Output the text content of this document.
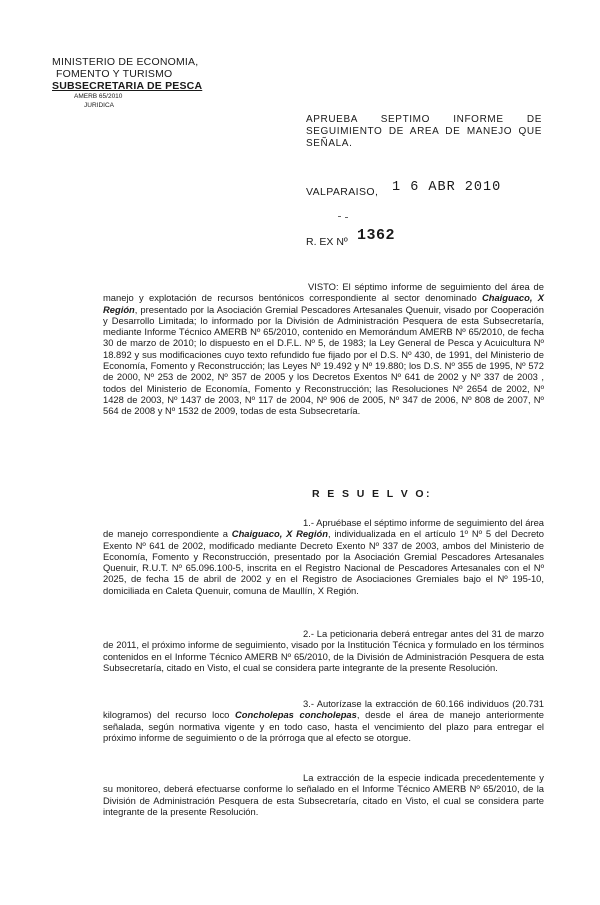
MINISTERIO DE ECONOMIA,
FOMENTO Y TURISMO
SUBSECRETARIA DE PESCA
AMERB 65/2010
JURIDICA
APRUEBA SEPTIMO INFORME DE SEGUIMIENTO DE AREA DE MANEJO QUE SEÑALA.
VALPARAISO, 1 6 ABR 2010
R. EX Nº 1362
VISTO: El séptimo informe de seguimiento del área de manejo y explotación de recursos bentónicos correspondiente al sector denominado Chaiguaco, X Región, presentado por la Asociación Gremial Pescadores Artesanales Quenuir, visado por Cooperación y Desarrollo Limitada; lo informado por la División de Administración Pesquera de esta Subsecretaría, mediante Informe Técnico AMERB Nº 65/2010, contenido en Memorándum AMERB Nº 65/2010, de fecha 30 de marzo de 2010; lo dispuesto en el D.F.L. Nº 5, de 1983; la Ley General de Pesca y Acuicultura Nº 18.892 y sus modificaciones cuyo texto refundido fue fijado por el D.S. Nº 430, de 1991, del Ministerio de Economía, Fomento y Reconstrucción; las Leyes Nº 19.492 y Nº 19.880; los D.S. Nº 355 de 1995, Nº 572 de 2000, Nº 253 de 2002, Nº 357 de 2005 y los Decretos Exentos Nº 641 de 2002 y Nº 337 de 2003 , todos del Ministerio de Economía, Fomento y Reconstrucción; las Resoluciones Nº 2654 de 2002, Nº 1428 de 2003, Nº 1437 de 2003, Nº 117 de 2004, Nº 906 de 2005, Nº 347 de 2006, Nº 808 de 2007, Nº 564 de 2008 y Nº 1532 de 2009, todas de esta Subsecretaría.
R E S U E L V O:
1.- Apruébase el séptimo informe de seguimiento del área de manejo correspondiente a Chaiguaco, X Región, individualizada en el artículo 1º Nº 5 del Decreto Exento Nº 641 de 2002, modificado mediante Decreto Exento Nº 337 de 2003, ambos del Ministerio de Economía, Fomento y Reconstrucción, presentado por la Asociación Gremial Pescadores Artesanales Quenuir, R.U.T. Nº 65.096.100-5, inscrita en el Registro Nacional de Pescadores Artesanales con el Nº 2025, de fecha 15 de abril de 2002 y en el Registro de Asociaciones Gremiales bajo el Nº 195-10, domiciliada en Caleta Quenuir, comuna de Maullín, X Región.
2.- La peticionaria deberá entregar antes del 31 de marzo de 2011, el próximo informe de seguimiento, visado por la Institución Técnica y formulado en los términos contenidos en el Informe Técnico AMERB Nº 65/2010, de la División de Administración Pesquera de esta Subsecretaría, citado en Visto, el cual se considera parte integrante de la presente Resolución.
3.- Autorízase la extracción de 60.166 individuos (20.731 kilogramos) del recurso loco Concholepas concholepas, desde el área de manejo anteriormente señalada, según normativa vigente y en todo caso, hasta el vencimiento del plazo para entregar el próximo informe de seguimiento o de la prórroga que al efecto se otorgue.
La extracción de la especie indicada precedentemente y su monitoreo, deberá efectuarse conforme lo señalado en el Informe Técnico AMERB Nº 65/2010, de la División de Administración Pesquera de esta Subsecretaría, citado en Visto, el cual se considera parte integrante de la presente Resolución.
